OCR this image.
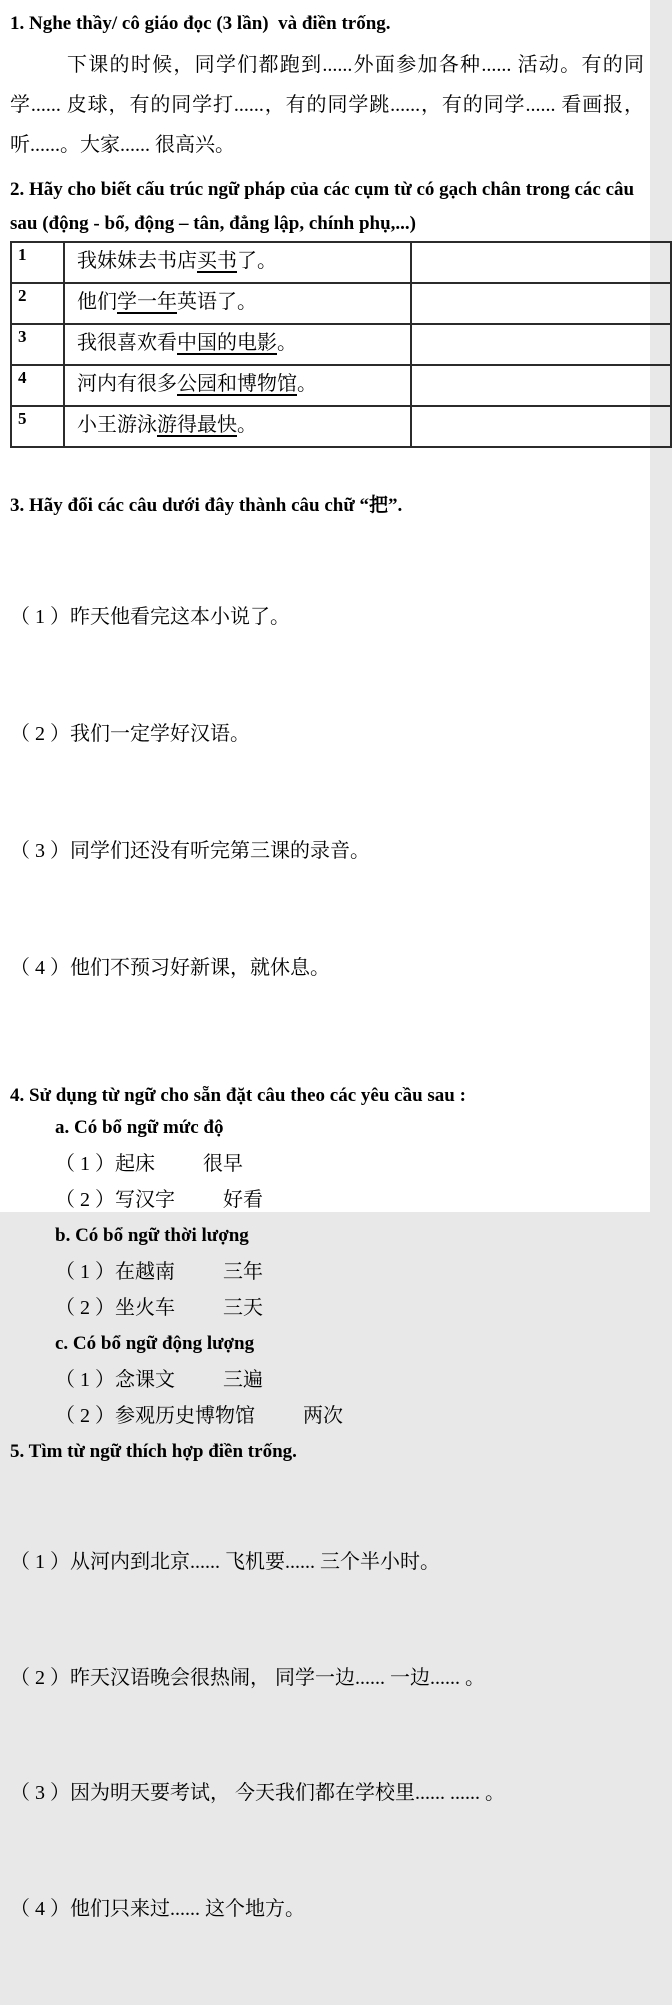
1. Nghe thầy/ cô giáo đọc (3 lần)  và điền trống.

下课的时候，同学们都跑到......外面参加各种...... 活动。有的同学...... 皮球，有的同学打......，有的同学跳......，有的同学...... 看画报， 听......。大家...... 很高兴。

2. Hãy cho biết cấu trúc ngữ pháp của các cụm từ có gạch chân trong các câu
sau (động - bổ, động – tân, đẳng lập, chính phụ,...)
1	我妹妹去书店买书了。	
2	他们学一年英语了。	
3	我很喜欢看中国的电影。	
4	河内有很多公园和博物馆。	
5	小王游泳游得最快。	
3. Hãy đổi các câu dưới đây thành câu chữ “把”.

（ 1 ）昨天他看完这本小说了。

（ 2 ）我们一定学好汉语。

（ 3 ）同学们还没有听完第三课的录音。

（ 4 ）他们不预习好新课，就休息。

4. Sử dụng từ ngữ cho sẵn đặt câu theo các yêu cầu sau :
a. Có bổ ngữ mức độ
（ 1 ）起床 很早
（ 2 ）写汉字 好看
b. Có bổ ngữ thời lượng
（ 1 ）在越南 三年
（ 2 ）坐火车 三天
c. Có bổ ngữ động lượng
（ 1 ）念课文 三遍
（ 2 ）参观历史博物馆 两次
5. Tìm từ ngữ thích hợp điền trống.

（ 1 ）从河内到北京...... 飞机要...... 三个半小时。

（ 2 ）昨天汉语晚会很热闹， 同学一边...... 一边...... 。

（ 3 ）因为明天要考试， 今天我们都在学校里...... ...... 。

（ 4 ）他们只来过...... 这个地方。
